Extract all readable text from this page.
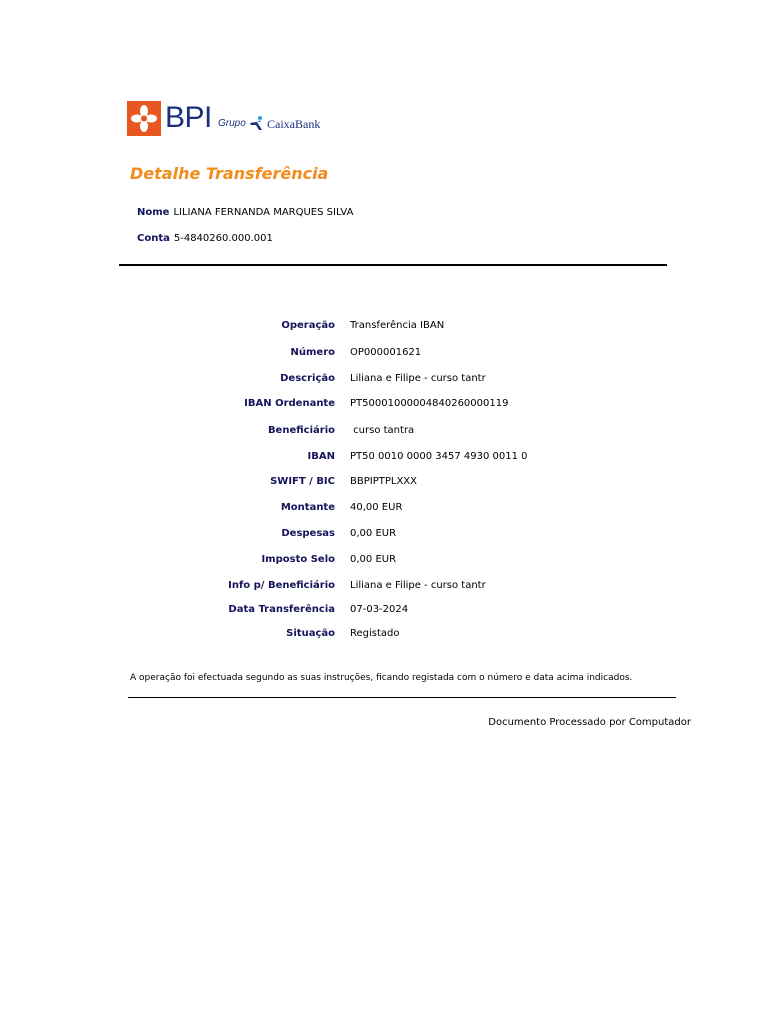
BPI Grupo CaixaBank
Detalhe Transferência
Nome LILIANA FERNANDA MARQUES SILVA
Conta 5-4840260.000.001
Operação Transferência IBAN
Número OP000001621
Descrição Liliana e Filipe - curso tantr
IBAN Ordenante PT50001000004840260000119
Beneficiário curso tantra
IBAN PT50 0010 0000 3457 4930 0011 0
SWIFT / BIC BBPIPTPLXXX
Montante 40,00 EUR
Despesas 0,00 EUR
Imposto Selo 0,00 EUR
Info p/ Beneficiário Liliana e Filipe - curso tantr
Data Transferência 07-03-2024
Situação Registado
A operação foi efectuada segundo as suas instruções, ficando registada com o número e data acima indicados.
Documento Processado por Computador
